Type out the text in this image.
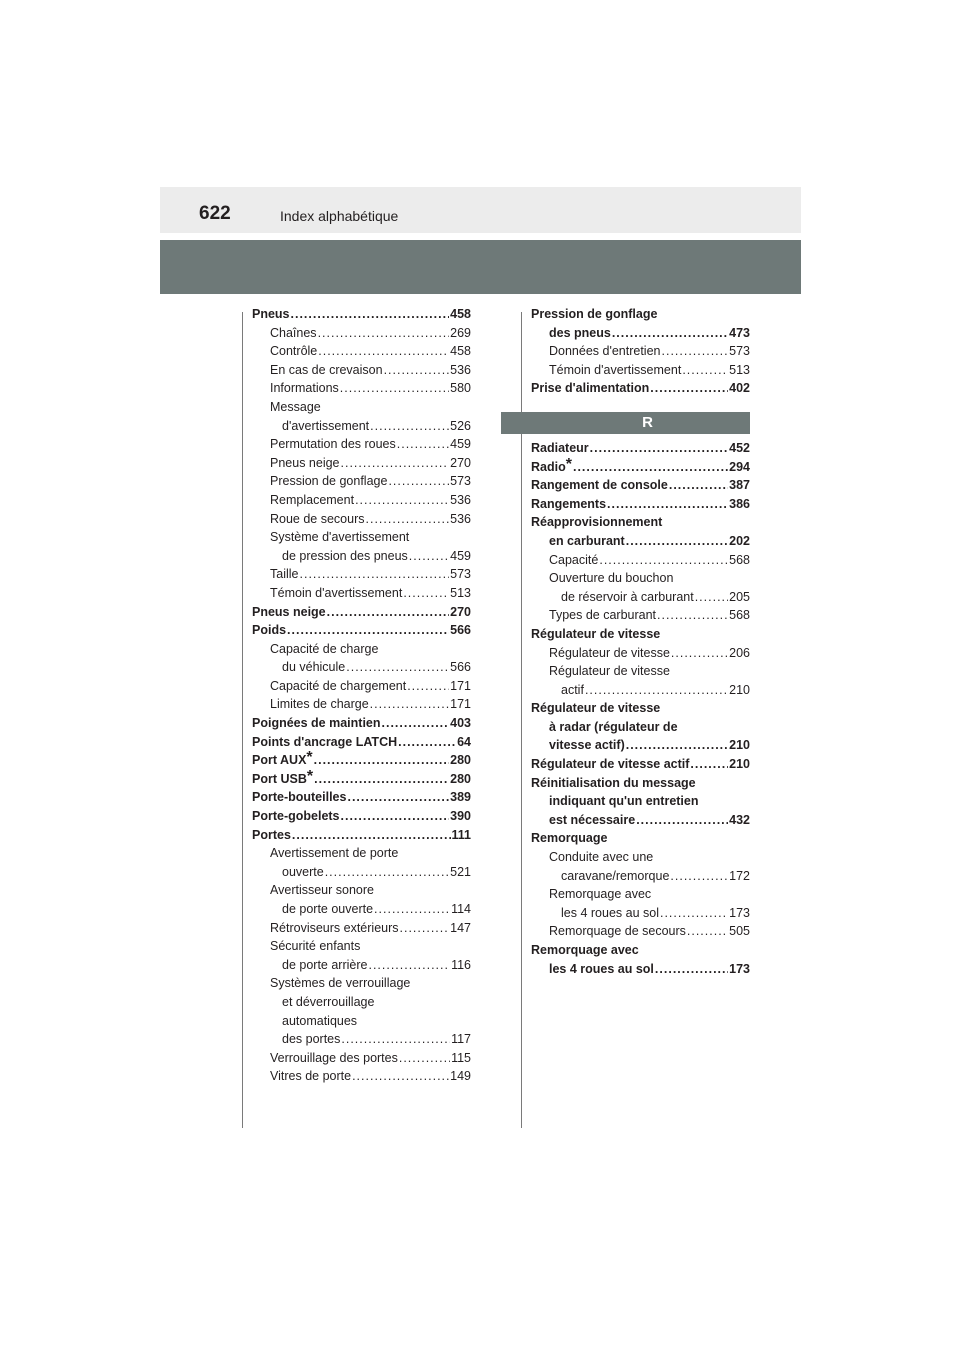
622	Index alphabétique
Pneus .....	458
Chaînes .....	269
Contrôle .....	458
En cas de crevaison .....	536
Informations .....	580
Message
d'avertissement .....	526
Permutation des roues .....	459
Pneus neige .....	270
Pression de gonflage .....	573
Remplacement .....	536
Roue de secours .....	536
Système d'avertissement
de pression des pneus .....	459
Taille .....	573
Témoin d'avertissement .....	513
Pneus neige .....	270
Poids .....	566
Capacité de charge
du véhicule .....	566
Capacité de chargement .....	171
Limites de charge .....	171
Poignées de maintien .....	403
Points d'ancrage LATCH .....	64
Port AUX* .....	280
Port USB* .....	280
Porte-bouteilles .....	389
Porte-gobelets .....	390
Portes .....	111
Avertissement de porte
ouverte .....	521
Avertisseur sonore
de porte ouverte .....	114
Rétroviseurs extérieurs .....	147
Sécurité enfants
de porte arrière .....	116
Systèmes de verrouillage
et déverrouillage
automatiques
des portes .....	117
Verrouillage des portes .....	115
Vitres de porte .....	149
Pression de gonflage
des pneus .....	473
Données d'entretien .....	573
Témoin d'avertissement .....	513
Prise d'alimentation .....	402
R
Radiateur .....	452
Radio* .....	294
Rangement de console .....	387
Rangements .....	386
Réapprovisionnement
en carburant .....	202
Capacité .....	568
Ouverture du bouchon
de réservoir à carburant .....	205
Types de carburant .....	568
Régulateur de vitesse
Régulateur de vitesse .....	206
Régulateur de vitesse
actif .....	210
Régulateur de vitesse
à radar (régulateur de
vitesse actif) .....	210
Régulateur de vitesse actif .....	210
Réinitialisation du message
indiquant qu'un entretien
est nécessaire .....	432
Remorquage
Conduite avec une
caravane/remorque .....	172
Remorquage avec
les 4 roues au sol .....	173
Remorquage de secours .....	505
Remorquage avec
les 4 roues au sol .....	173
